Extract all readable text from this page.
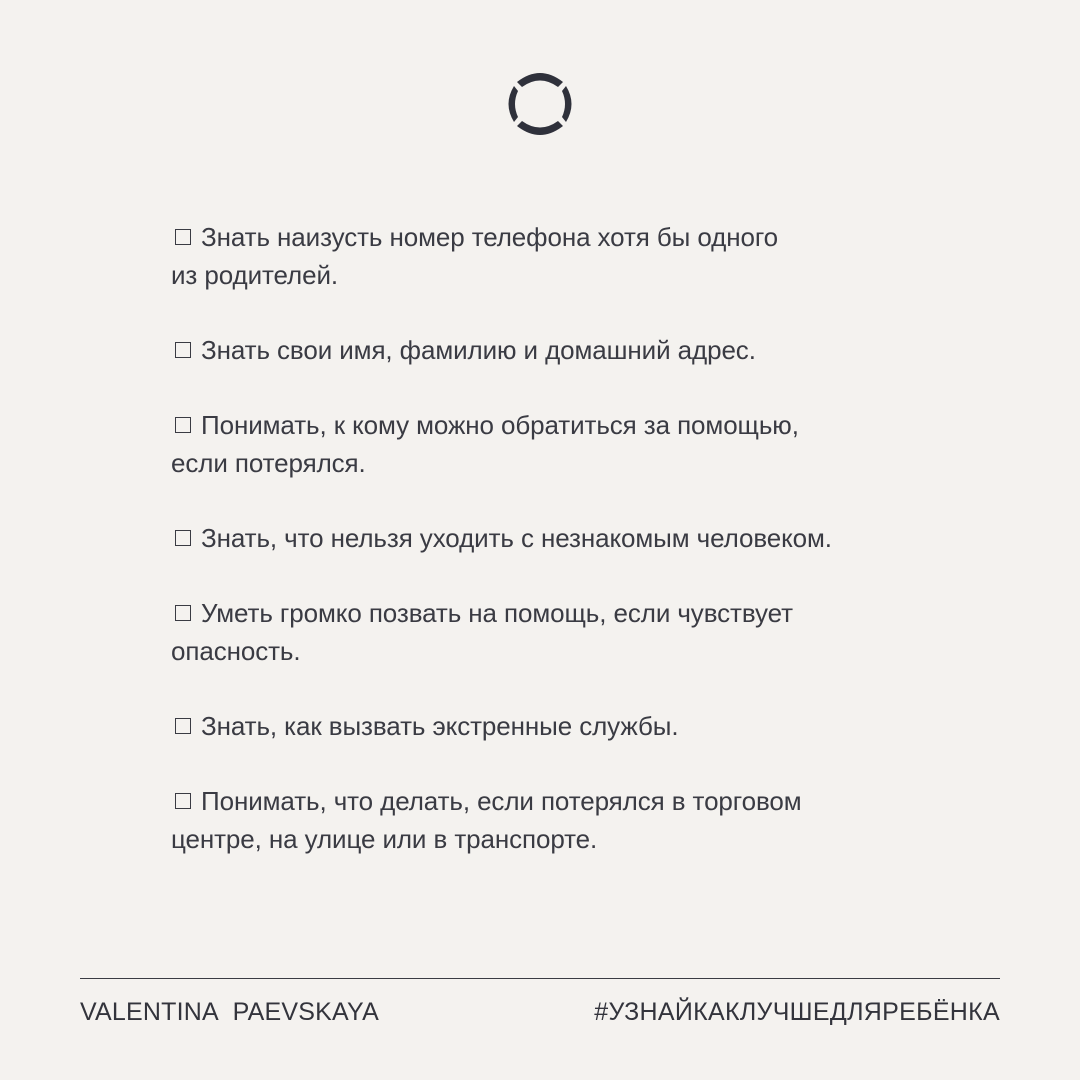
Знать наизусть номер телефона хотя бы одного
из родителей.
Знать свои имя, фамилию и домашний адрес.
Понимать, к кому можно обратиться за помощью,
если потерялся.
Знать, что нельзя уходить с незнакомым человеком.
Уметь громко позвать на помощь, если чувствует
опасность.
Знать, как вызвать экстренные службы.
Понимать, что делать, если потерялся в торговом
центре, на улице или в транспорте.
VALENTINA PAEVSKAYA	#УЗНАЙКАКЛУЧШЕДЛЯРЕБЁНКА
